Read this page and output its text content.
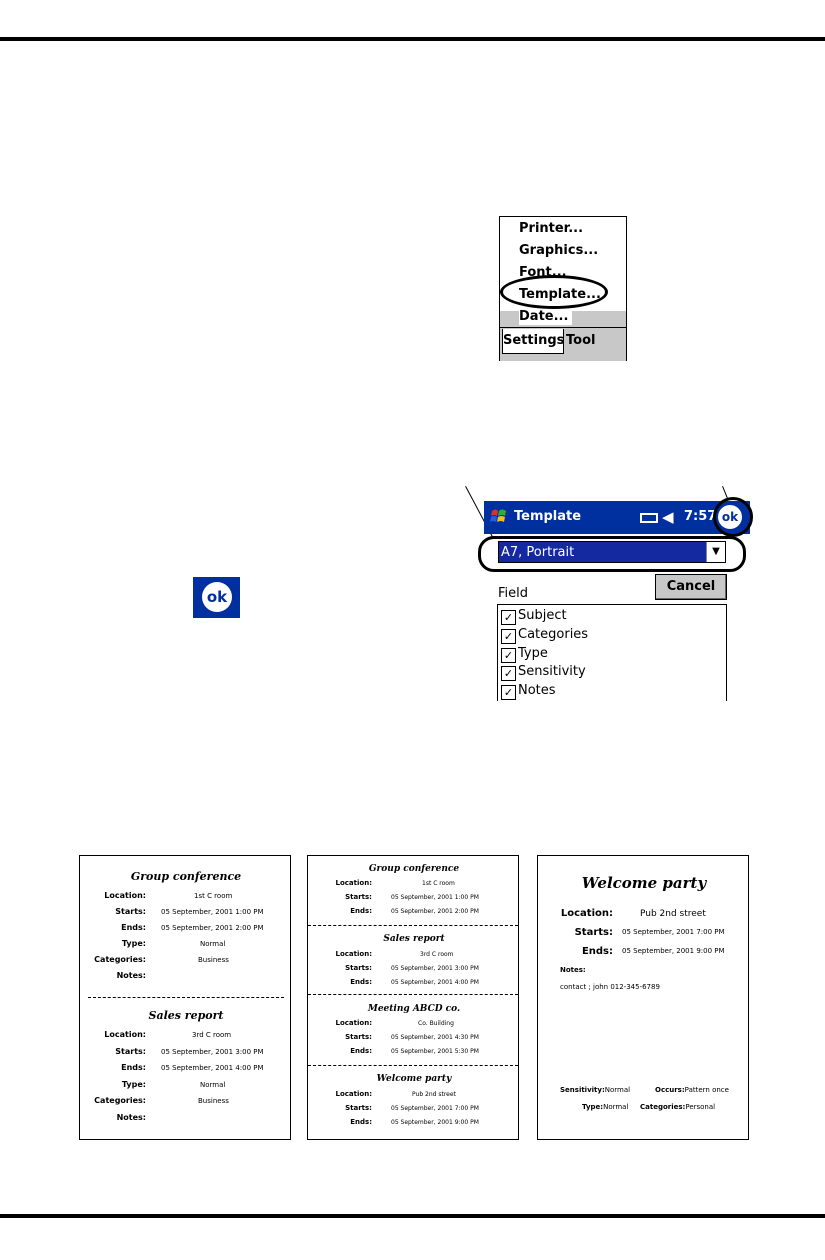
Printer...
Graphics...
Font...
Template...
Date...
Settings Tool
Template	◀ 7:57 ok
A7, Portrait	▼
Cancel
Field
✓ Subject
✓ Categories
✓ Type
✓ Sensitivity
✓ Notes
ok
Group conference
Location:	1st C room
Starts: 05 September, 2001 1:00 PM
Ends: 05 September, 2001 2:00 PM
Type:	Normal
Categories:	Business
Notes:
Sales report
Location:	3rd C room
Starts: 05 September, 2001 3:00 PM
Ends: 05 September, 2001 4:00 PM
Type:	Normal
Categories:	Business
Notes:
Group conference
Location:	1st C room
Starts:	05 September, 2001 1:00 PM
Ends:	05 September, 2001 2:00 PM
Sales report
Location:	3rd C room
Starts:	05 September, 2001 3:00 PM
Ends:	05 September, 2001 4:00 PM
Meeting ABCD co.
Location:	Co. Building
Starts:	05 September, 2001 4:30 PM
Ends:	05 September, 2001 5:30 PM
Welcome party
Location:	Pub 2nd street
Starts:	05 September, 2001 7:00 PM
Ends:	05 September, 2001 9:00 PM
Welcome party
Location:	Pub 2nd street
Starts: 05 September, 2001 7:00 PM
Ends: 05 September, 2001 9:00 PM
Notes:
contact ; john 012-345-6789
Sensitivity:Normal	Occurs:Pattern once
Type:Normal Categories:Personal
